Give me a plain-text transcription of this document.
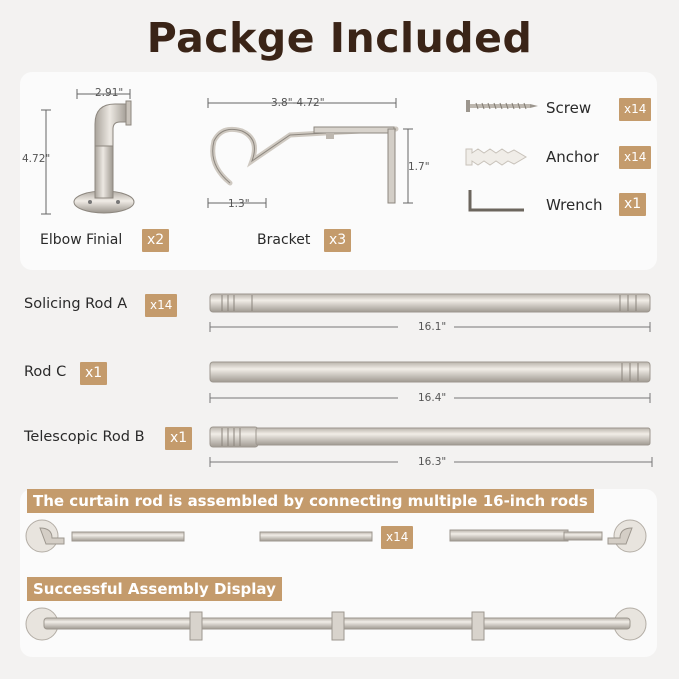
Packge Included
2.91"
4.72"
Elbow Finial	x2
3.8"-4.72"
1.7"
1.3"
Bracket	x3
Screw	x14
Anchor	x14
Wrench	x1
Solicing Rod A	x14
16.1"
Rod C	x1
16.4"
Telescopic Rod B	x1
16.3"
The curtain rod is assembled by connecting multiple 16-inch rods
x14
Successful Assembly Display
